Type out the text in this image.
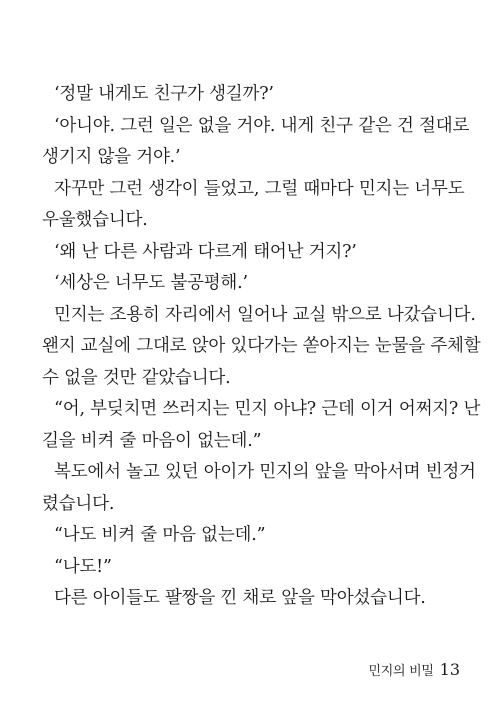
‘정말 내게도 친구가 생길까?’
‘아니야. 그런 일은 없을 거야. 내게 친구 같은 건 절대로
생기지 않을 거야.’
자꾸만 그런 생각이 들었고, 그럴 때마다 민지는 너무도
우울했습니다.
‘왜 난 다른 사람과 다르게 태어난 거지?’
‘세상은 너무도 불공평해.’
민지는 조용히 자리에서 일어나 교실 밖으로 나갔습니다.
왠지 교실에 그대로 앉아 있다가는 쏟아지는 눈물을 주체할
수 없을 것만 같았습니다.
“어, 부딪치면 쓰러지는 민지 아냐? 근데 이거 어쩌지? 난
길을 비켜 줄 마음이 없는데.”
복도에서 놀고 있던 아이가 민지의 앞을 막아서며 빈정거
렸습니다.
“나도 비켜 줄 마음 없는데.”
“나도!”
다른 아이들도 팔짱을 낀 채로 앞을 막아섰습니다.
민지의 비밀 13
